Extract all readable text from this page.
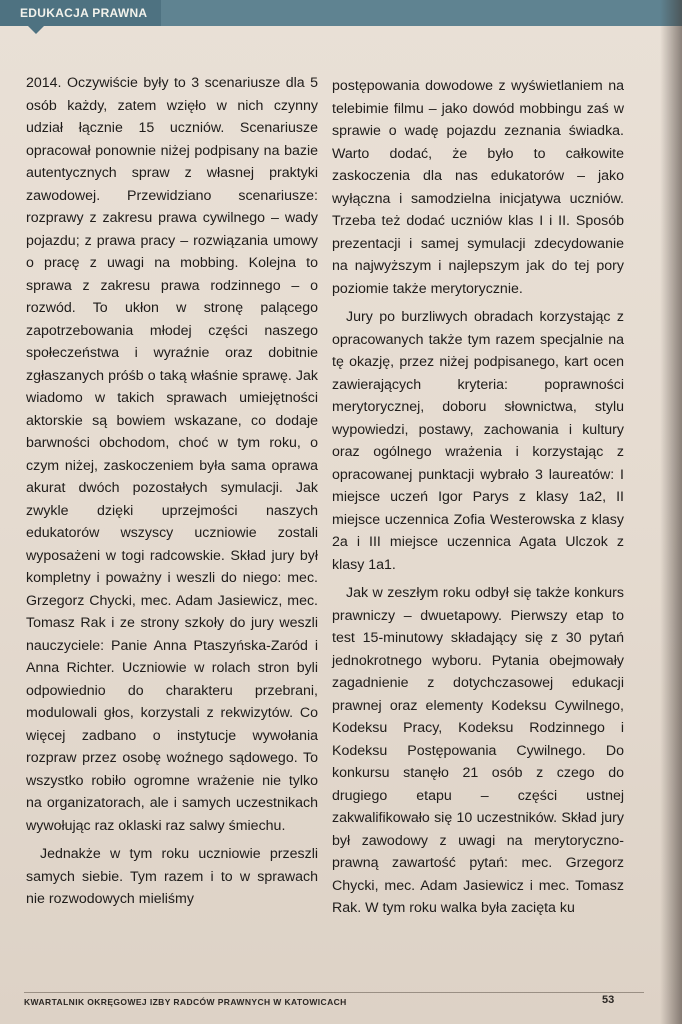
EDUKACJA PRAWNA

2014. Oczywiście były to 3 scenariusze dla 5 osób każdy, zatem wzięło w nich czynny udział łącznie 15 uczniów. Scenariusze opracował ponownie niżej podpisany na bazie autentycznych spraw z własnej praktyki zawodowej. Przewidziano scenariusze: rozprawy z zakresu prawa cywilnego – wady pojazdu; z prawa pracy – rozwiązania umowy o pracę z uwagi na mobbing. Kolejna to sprawa z zakresu prawa rodzinnego – o rozwód. To ukłon w stronę palącego zapotrzebowania młodej części naszego społeczeństwa i wyraźnie oraz dobitnie zgłaszanych próśb o taką właśnie sprawę. Jak wiadomo w takich sprawach umiejętności aktorskie są bowiem wskazane, co dodaje barwności obchodom, choć w tym roku, o czym niżej, zaskoczeniem była sama oprawa akurat dwóch pozostałych symulacji. Jak zwykle dzięki uprzejmości naszych edukatorów wszyscy uczniowie zostali wyposażeni w togi radcowskie. Skład jury był kompletny i poważny i weszli do niego: mec. Grzegorz Chycki, mec. Adam Jasiewicz, mec. Tomasz Rak i ze strony szkoły do jury weszli nauczyciele: Panie Anna Ptaszyńska-Zaród i Anna Richter. Uczniowie w rolach stron byli odpowiednio do charakteru przebrani, modulowali głos, korzystali z rekwizytów. Co więcej zadbano o instytucje wywołania rozpraw przez osobę woźnego sądowego. To wszystko robiło ogromne wrażenie nie tylko na organizatorach, ale i samych uczestnikach wywołując raz oklaski raz salwy śmiechu.

Jednakże w tym roku uczniowie przeszli samych siebie. Tym razem i to w sprawach nie rozwodowych mieliśmy

postępowania dowodowe z wyświetlaniem na telebimie filmu – jako dowód mobbingu zaś w sprawie o wadę pojazdu zeznania świadka. Warto dodać, że było to całkowite zaskoczenia dla nas edukatorów – jako wyłączna i samodzielna inicjatywa uczniów. Trzeba też dodać uczniów klas I i II. Sposób prezentacji i samej symulacji zdecydowanie na najwyższym i najlepszym jak do tej pory poziomie także merytorycznie.

Jury po burzliwych obradach korzystając z opracowanych także tym razem specjalnie na tę okazję, przez niżej podpisanego, kart ocen zawierających kryteria: poprawności merytorycznej, doboru słownictwa, stylu wypowiedzi, postawy, zachowania i kultury oraz ogólnego wrażenia i korzystając z opracowanej punktacji wybrało 3 laureatów: I miejsce uczeń Igor Parys z klasy 1a2, II miejsce uczennica Zofia Westerowska z klasy 2a i III miejsce uczennica Agata Ulczok z klasy 1a1.

Jak w zeszłym roku odbył się także konkurs prawniczy – dwuetapowy. Pierwszy etap to test 15-minutowy składający się z 30 pytań jednokrotnego wyboru. Pytania obejmowały zagadnienie z dotychczasowej edukacji prawnej oraz elementy Kodeksu Cywilnego, Kodeksu Pracy, Kodeksu Rodzinnego i Kodeksu Postępowania Cywilnego. Do konkursu stanęło 21 osób z czego do drugiego etapu – części ustnej zakwalifikowało się 10 uczestników. Skład jury był zawodowy z uwagi na merytoryczno-prawną zawartość pytań: mec. Grzegorz Chycki, mec. Adam Jasiewicz i mec. Tomasz Rak. W tym roku walka była zacięta ku

KWARTALNIK OKRĘGOWEJ IZBY RADCÓW PRAWNYCH W KATOWICACH	53
